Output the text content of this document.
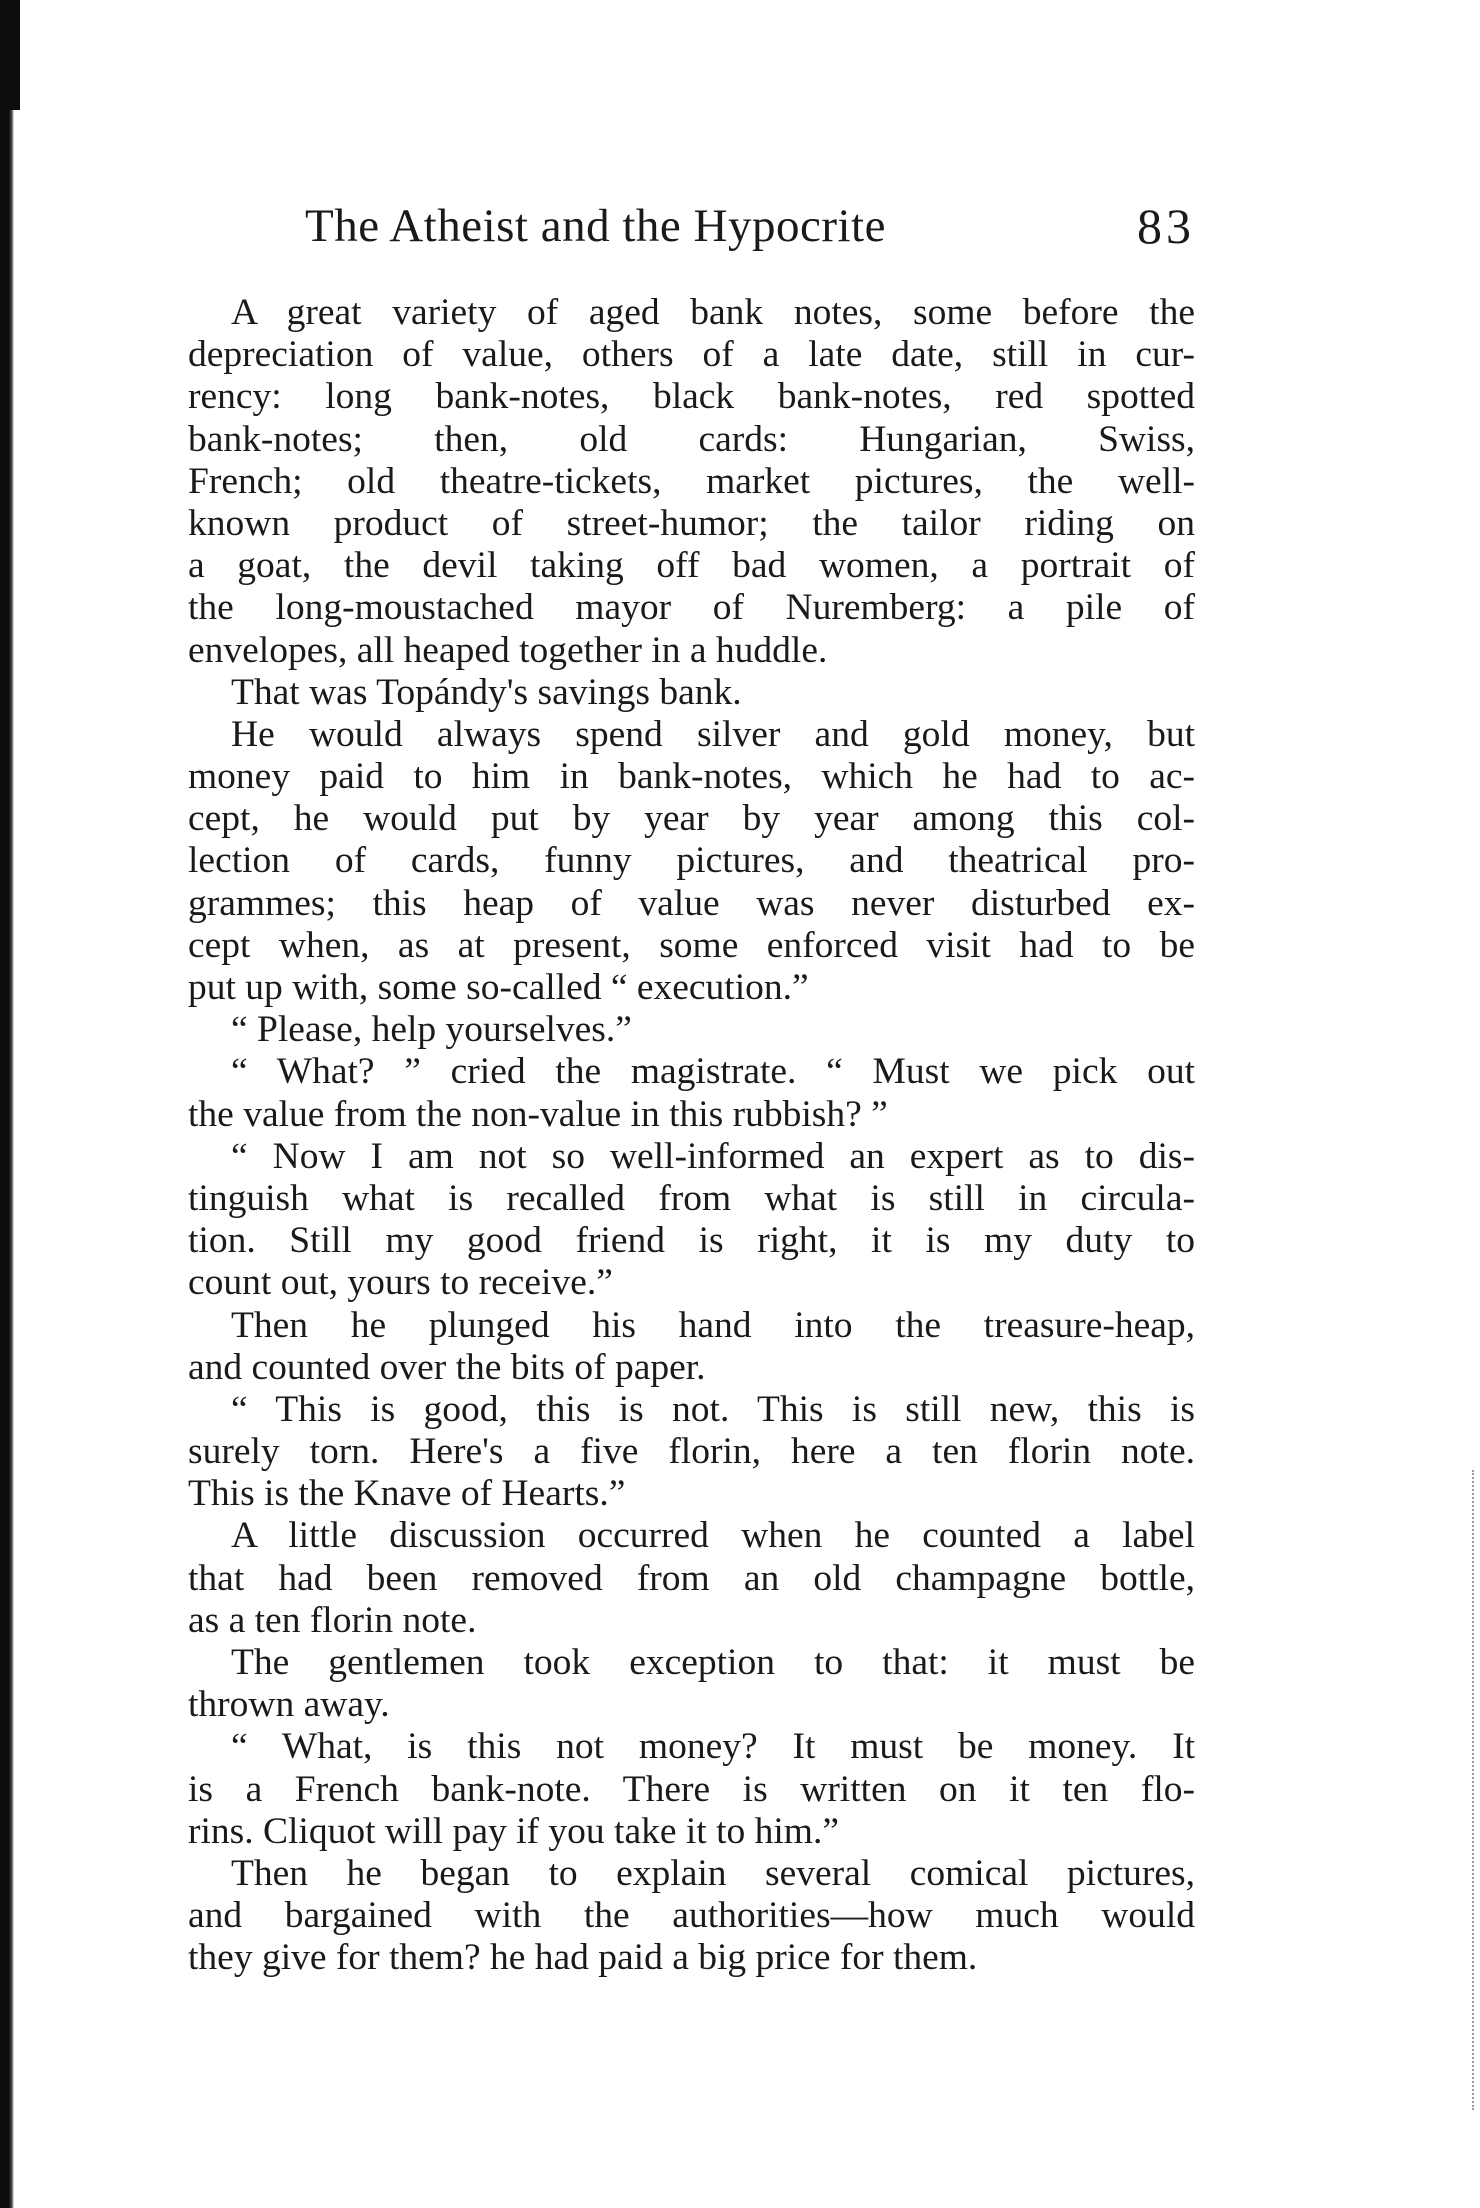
The Atheist and the Hypocrite	83
A great variety of aged bank notes, some before the
depreciation of value, others of a late date, still in cur-
rency: long bank-notes, black bank-notes, red spotted
bank-notes; then, old cards: Hungarian, Swiss,
French; old theatre-tickets, market pictures, the well-
known product of street-humor; the tailor riding on
a goat, the devil taking off bad women, a portrait of
the long-moustached mayor of Nuremberg: a pile of
envelopes, all heaped together in a huddle.
That was Topándy's savings bank.
He would always spend silver and gold money, but
money paid to him in bank-notes, which he had to ac-
cept, he would put by year by year among this col-
lection of cards, funny pictures, and theatrical pro-
grammes; this heap of value was never disturbed ex-
cept when, as at present, some enforced visit had to be
put up with, some so-called “ execution.”
“ Please, help yourselves.”
“ What? ” cried the magistrate. “ Must we pick out
the value from the non-value in this rubbish? ”
“ Now I am not so well-informed an expert as to dis-
tinguish what is recalled from what is still in circula-
tion. Still my good friend is right, it is my duty to
count out, yours to receive.”
Then he plunged his hand into the treasure-heap,
and counted over the bits of paper.
“ This is good, this is not. This is still new, this is
surely torn. Here's a five florin, here a ten florin note.
This is the Knave of Hearts.”
A little discussion occurred when he counted a label
that had been removed from an old champagne bottle,
as a ten florin note.
The gentlemen took exception to that: it must be
thrown away.
“ What, is this not money? It must be money. It
is a French bank-note. There is written on it ten flo-
rins. Cliquot will pay if you take it to him.”
Then he began to explain several comical pictures,
and bargained with the authorities—how much would
they give for them? he had paid a big price for them.
